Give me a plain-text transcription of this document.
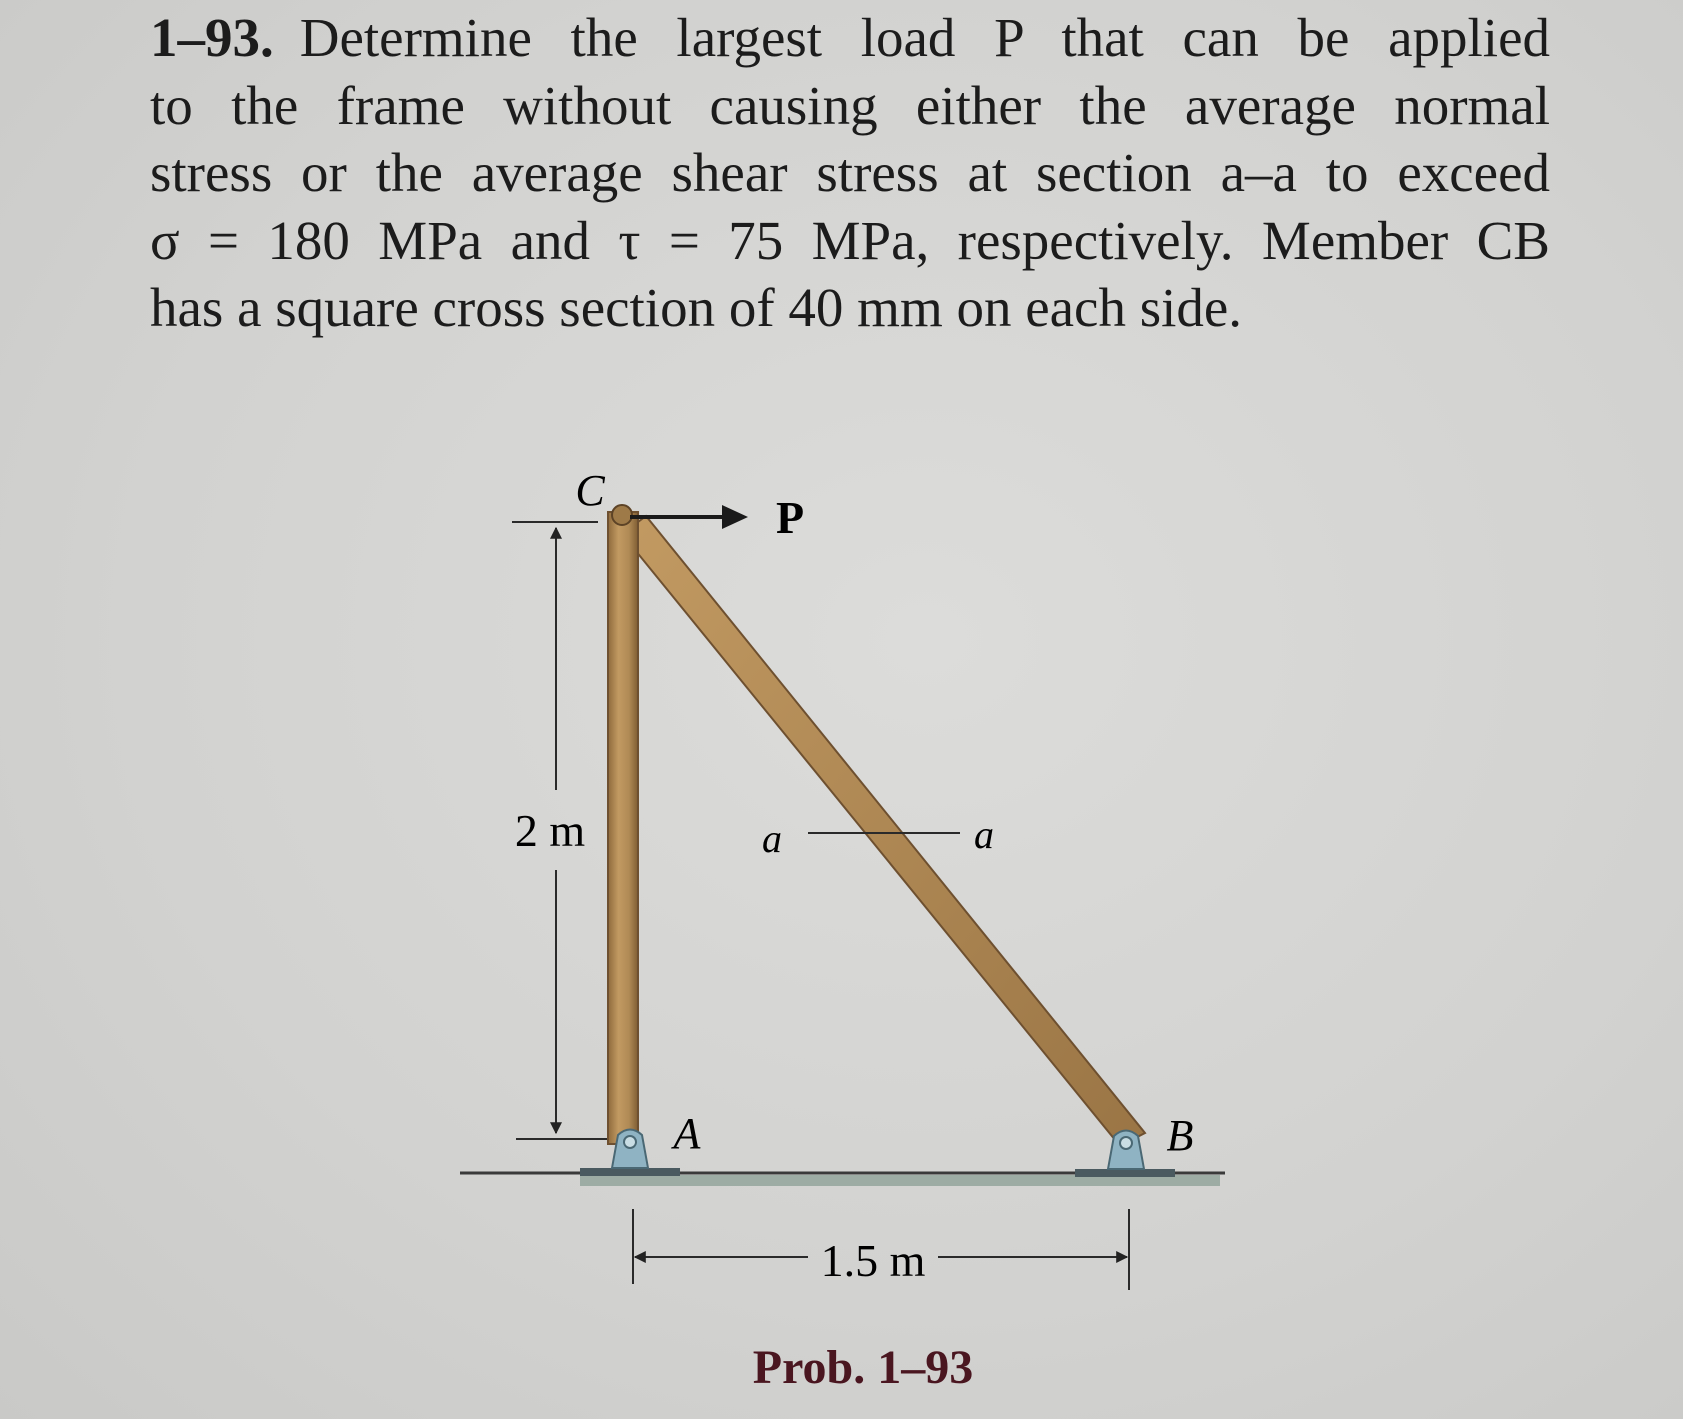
1–93. Determine the largest load P that can be applied
to the frame without causing either the average normal
stress or the average shear stress at section a–a to exceed
σ = 180 MPa and τ = 75 MPa, respectively. Member CB
has a square cross section of 40 mm on each side.
2 m	a	a
P
C
A	B
1.5 m
Prob. 1–93
